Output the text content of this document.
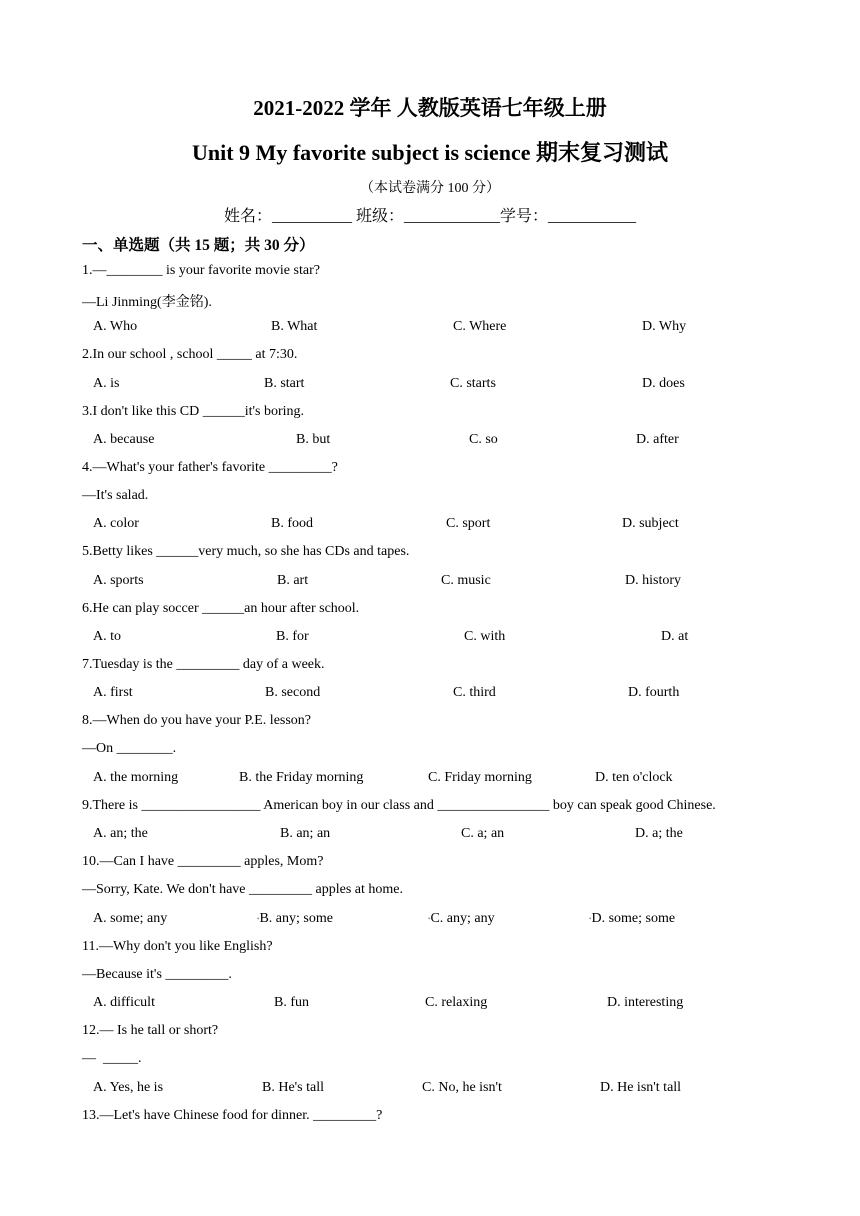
2021-2022 学年 人教版英语七年级上册
Unit 9 My favorite subject is science 期末复习测试
（本试卷满分 100 分）
姓名：__________ 班级：____________学号：___________
一、单选题（共 15 题；共 30 分）
1.—________ is your favorite movie star?
—Li Jinming(李金铭).
A. Who	B. What	C. Where	D. Why
2.In our school , school _____ at 7:30.
A. is	B. start	C. starts	D. does
3.I don't like this CD ______it's boring.
A. because	B. but	C. so	D. after
4.—What's your father's favorite _________?
—It's salad.
A. color	B. food	C. sport	D. subject
5.Betty likes ______very much, so she has CDs and tapes.
A. sports	B. art	C. music	D. history
6.He can play soccer ______an hour after school.
A. to	B. for	C. with	D. at
7.Tuesday is the _________ day of a week.
A. first	B. second	C. third	D. fourth
8.—When do you have your P.E. lesson?
—On ________.
A. the morning	B. the Friday morning	C. Friday morning	D. ten o'clock
9.There is _________________ American boy in our class and ________________ boy can speak good Chinese.
A. an; the	B. an; an	C. a; an	D. a; the
10.—Can I have _________ apples, Mom?
—Sorry, Kate. We don't have _________ apples at home.
A. some; any	•B. any; some	•C. any; any	•D. some; some
11.—Why don't you like English?
—Because it's _________.
A. difficult	B. fun	C. relaxing	D. interesting
12.— Is he tall or short?
—  _____.
A. Yes, he is	B. He's tall	C. No, he isn't	D. He isn't tall
13.—Let's have Chinese food for dinner. _________?
